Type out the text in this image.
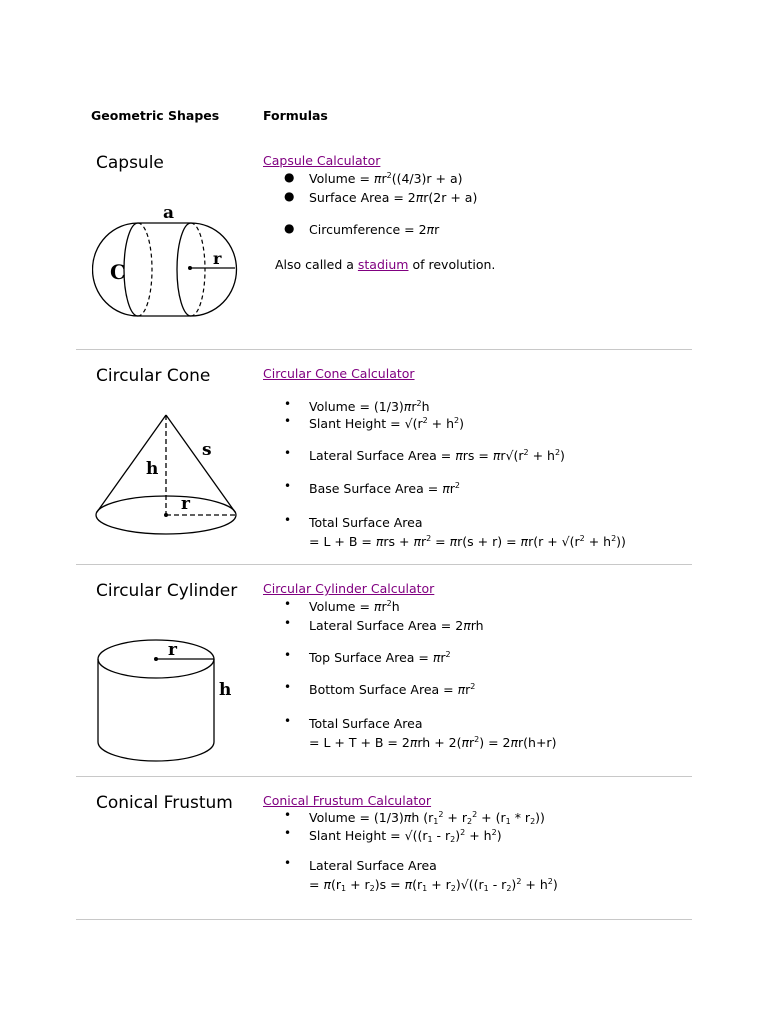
Geometric Shapes	Formulas
Capsule
a
C
r
Capsule Calculator
● Volume = $\pi r^2((4/3)r + a)$
● Surface Area = 2πr(2r + a)
● Circumference = 2πr
Also called a stadium of revolution.
Circular Cone
s
h
r
Circular Cone Calculator
• Volume = $(1/3)\pi r^2h$
• Slant Height = $√(r^2 + h^2)$
• Lateral Surface Area = $\pi rs = \pi r√(r^2 + h^2)$
• Base Surface Area = $\pi r^2$
• Total Surface Area
= $L + B = \pi rs + \pi r^2 = \pi r(s + r) = \pi r(r + √(r^2 + h^2))$
Circular Cylinder
r
h
Circular Cylinder Calculator
• Volume = $\pi r^2h$
• Lateral Surface Area = 2πrh
• Top Surface Area = $\pi r^2$
• Bottom Surface Area = $\pi r^2$
• Total Surface Area
= $L + T + B = 2\pi rh + 2(\pi r^2) = 2\pi r(h+r)$
Conical Frustum Conical Frustum Calculator
• Volume = (1/3)πh $(r_1^2 + r_2^2 + (r_1 * r_2))$
• Slant Height = $√((r_1 - r_2)^2 + h^2)$
• Lateral Surface Area
= $\pi(r_1 + r_2)s = \pi(r_1 + r_2)√((r_1 - r_2)^2 + h^2)$
